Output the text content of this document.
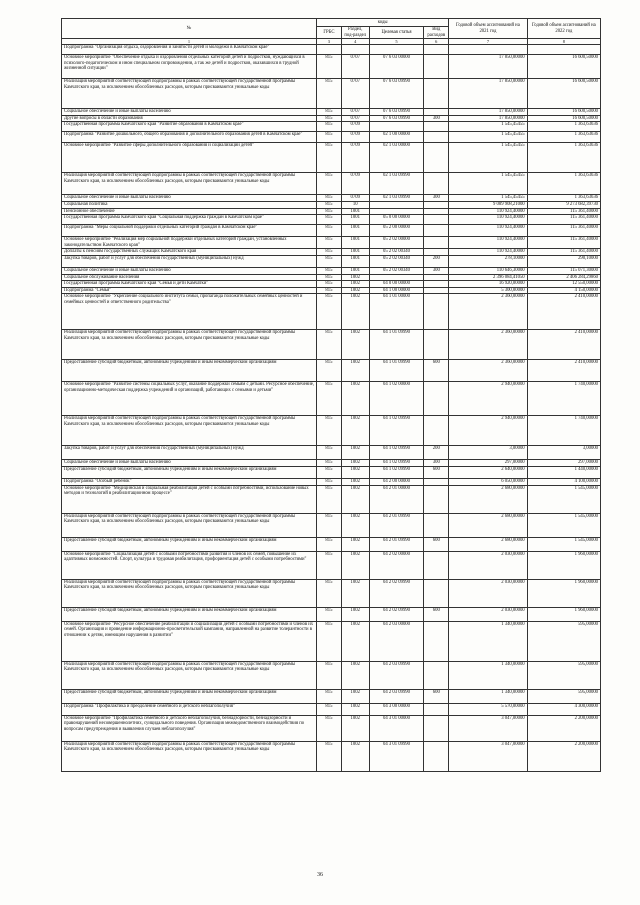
№	коды				Годовой объем ассигнований на 2021 год	Годовой объем ассигнований на 2022 год
	ГРБС	Раздел, под-раздел	Целевая статья	Вид расходов		
1	3	4	5	6	7	8
Подпрограмма "Организация отдыха, оздоровления и занятости детей и молодежи в Камчатском крае"						
Основное мероприятие "Обеспечение отдыха и оздоровления отдельных категорий детей и подростков, нуждающихся в психолого-педагогическом и ином специальном сопровождении, а так же детей и подростков, оказавшихся в трудной жизненной ситуации"	815	0707	07 6 03 00000		17 850,00000	16 600,50000
Реализация мероприятий соответствующей подпрограммы в рамках соответствующей государственной программы Камчатского края, за исключением обособленных расходов, которым присваиваются уникальные коды	815	0707	07 6 03 09990		17 850,00000	16 600,50000
Социальное обеспечение и иные выплаты населению	815	0707	07 6 03 09990		17 850,00000	16 600,50000
Другие вопросы в области образования	815	0707	07 6 03 09990	300	17 850,00000	16 600,50000
Государственная программа Камчатского края "Развитие образования в Камчатском крае"	815	0709			1 545,45455	1 363,63636
Подпрограмма "Развитие дошкольного, общего образования и дополнительного образования детей в Камчатском крае"	815	0709	02 1 00 00000		1 545,45455	1 363,63636
Основное мероприятие "Развитие сферы дополнительного образования и социализации детей"	815	0709	02 1 03 00000		1 545,45455	1 363,63636
Реализация мероприятий соответствующей подпрограммы в рамках соответствующей государственной программы Камчатского края, за исключением обособленных расходов, которым присваиваются уникальные коды	815	0709	02 1 03 09990		1 545,45455	1 363,63636
Социальное обеспечение и иные выплаты населению	815	0709	02 1 03 09990	300	1 545,45455	1 363,63636
Социальная политика	815	10			9 089 908,21000	9 273 682,39730
Пенсионное обеспечение	815	1001			110 924,40000	115 361,40000
Государственная программа Камчатского края "Социальная поддержка граждан в Камчатском крае"	815	1001	05 0 00 00000		110 924,40000	115 361,40000
Подпрограмма "Меры социальной поддержки отдельных категорий граждан в Камчатском крае"	815	1001	05 2 00 00000		110 924,40000	115 361,40000
Основное мероприятие "Реализация мер социальной поддержки отдельных категорий граждан, установленных законодательством Камчатского края"	815	1001	05 2 02 00000		110 924,40000	115 361,40000
Доплаты к пенсиям государственных служащих Камчатского края	815	1001	05 2 02 00340		110 924,40000	115 361,40000
Закупка товаров, работ и услуг для обеспечения государственных (муниципальных) нужд	815	1001	05 2 02 00340	200	278,10000	290,10000
Социальное обеспечение и иные выплаты населению	815	1001	05 2 02 00340	300	110 646,30000	115 071,30000
Социальное обслуживание населения	815	1002			2 396 084,41050	2 406 284,29860
Государственная программа Камчатского края "Семья и дети Камчатки"	815	1002	04 0 00 00000		16 920,00000	12 550,00000
Подпрограмма "Семья"	815	1002	04 1 00 00000		5 300,00000	4 150,00000
Основное мероприятие "Укрепление социального института семьи, пропаганда положительных семейных ценностей и семейных ценностей и ответственного родительства"	815	1002	04 1 01 00000		2 360,00000	2 410,00000
Реализация мероприятий соответствующей подпрограммы в рамках соответствующей государственной программы Камчатского края, за исключением обособленных расходов, которым присваиваются уникальные коды	815	1002	04 1 01 09990		2 360,00000	2 410,00000
Предоставление субсидий бюджетным, автономным учреждениям и иным некоммерческим организациям	815	1002	04 1 01 09990	600	2 360,00000	2 410,00000
Основное мероприятие "Развитие системы социальных услуг, оказание поддержки семьям с детьми. Ресурсное обеспечение, организационно-методическая поддержка учреждений и организаций, работающих с семьями и детьми"	815	1002	04 1 02 00000		2 940,00000	1 740,00000
Реализация мероприятий соответствующей подпрограммы в рамках соответствующей государственной программы Камчатского края, за исключением обособленных расходов, которым присваиваются уникальные коды	815	1002	04 1 02 09990		2 940,00000	1 740,00000
Закупка товаров, работ и услуг для обеспечения государственных (муниципальных) нужд	815	1002	04 1 02 09990	200	3,00000	3,00000
Социальное обеспечение и иные выплаты населению	815	1002	04 1 02 09990	300	297,00000	297,00000
Предоставление субсидий бюджетным, автономным учреждениям и иным некоммерческим организациям	815	1002	04 1 02 09990	600	2 640,00000	1 440,00000
Подпрограмма "Особый ребенок"	815	1002	04 2 00 00000		6 050,00000	4 100,00000
Основное мероприятие "Медицинская и социальная реабилитация детей с особыми потребностями, использование новых методов и технологий в реабилитационном процессе"	815	1002	04 2 01 00000		2 680,00000	1 545,00000
Реализация мероприятий соответствующей подпрограммы в рамках соответствующей государственной программы Камчатского края, за исключением обособленных расходов, которым присваиваются уникальные коды	815	1002	04 2 01 09990		2 680,00000	1 545,00000
Предоставление субсидий бюджетным, автономным учреждениям и иным некоммерческим организациям	815	1002	04 2 01 09990	600	2 680,00000	1 545,00000
Основное мероприятие "Социализация детей с особыми потребностями развития и членов их семей, повышение их адаптивных возможностей. Спорт, культура и трудовая реабилитация, профориентация детей с особыми потребностями"	815	1002	04 2 02 00000		2 030,00000	1 960,00000
Реализация мероприятий соответствующей подпрограммы в рамках соответствующей государственной программы Камчатского края, за исключением обособленных расходов, которым присваиваются уникальные коды	815	1002	04 2 02 09990		2 030,00000	1 960,00000
Предоставление субсидий бюджетным, автономным учреждениям и иным некоммерческим организациям	815	1002	04 2 02 09990	600	2 030,00000	1 960,00000
Основное мероприятие "Ресурсное обеспечение реабилитации и социализации детей с особыми потребностями и членов их семей. Организация и проведение информационно-просветительской кампании, направленной на развитие толерантности в отношении к детям, имеющим нарушения в развитии"	815	1002	04 2 03 00000		1 340,00000	595,00000
Реализация мероприятий соответствующей подпрограммы в рамках соответствующей государственной программы Камчатского края, за исключением обособленных расходов, которым присваиваются уникальные коды	815	1002	04 2 03 09990		1 340,00000	595,00000
Предоставление субсидий бюджетным, автономным учреждениям и иным некоммерческим организациям	815	1002	04 2 03 09990	600	1 340,00000	595,00000
Подпрограмма "Профилактика и преодоление семейного и детского неблагополучия"	815	1002	04 3 00 00000		5 570,00000	4 300,00000
Основное мероприятие "Профилактика семейного и детского неблагополучия, безнадзорности, безнадзорности и правонарушений несовершеннолетних, суицидального поведения. Организация межведомственного взаимодействия по вопросам предупреждения и выявления случаев неблагополучия"	815	1002	04 3 01 00000		3 047,00000	2 200,00000
Реализация мероприятий соответствующей подпрограммы в рамках соответствующей государственной программы Камчатского края, за исключением обособленных расходов, которым присваиваются уникальные коды	815	1002	04 3 01 09990		3 047,00000	2 200,00000
36
